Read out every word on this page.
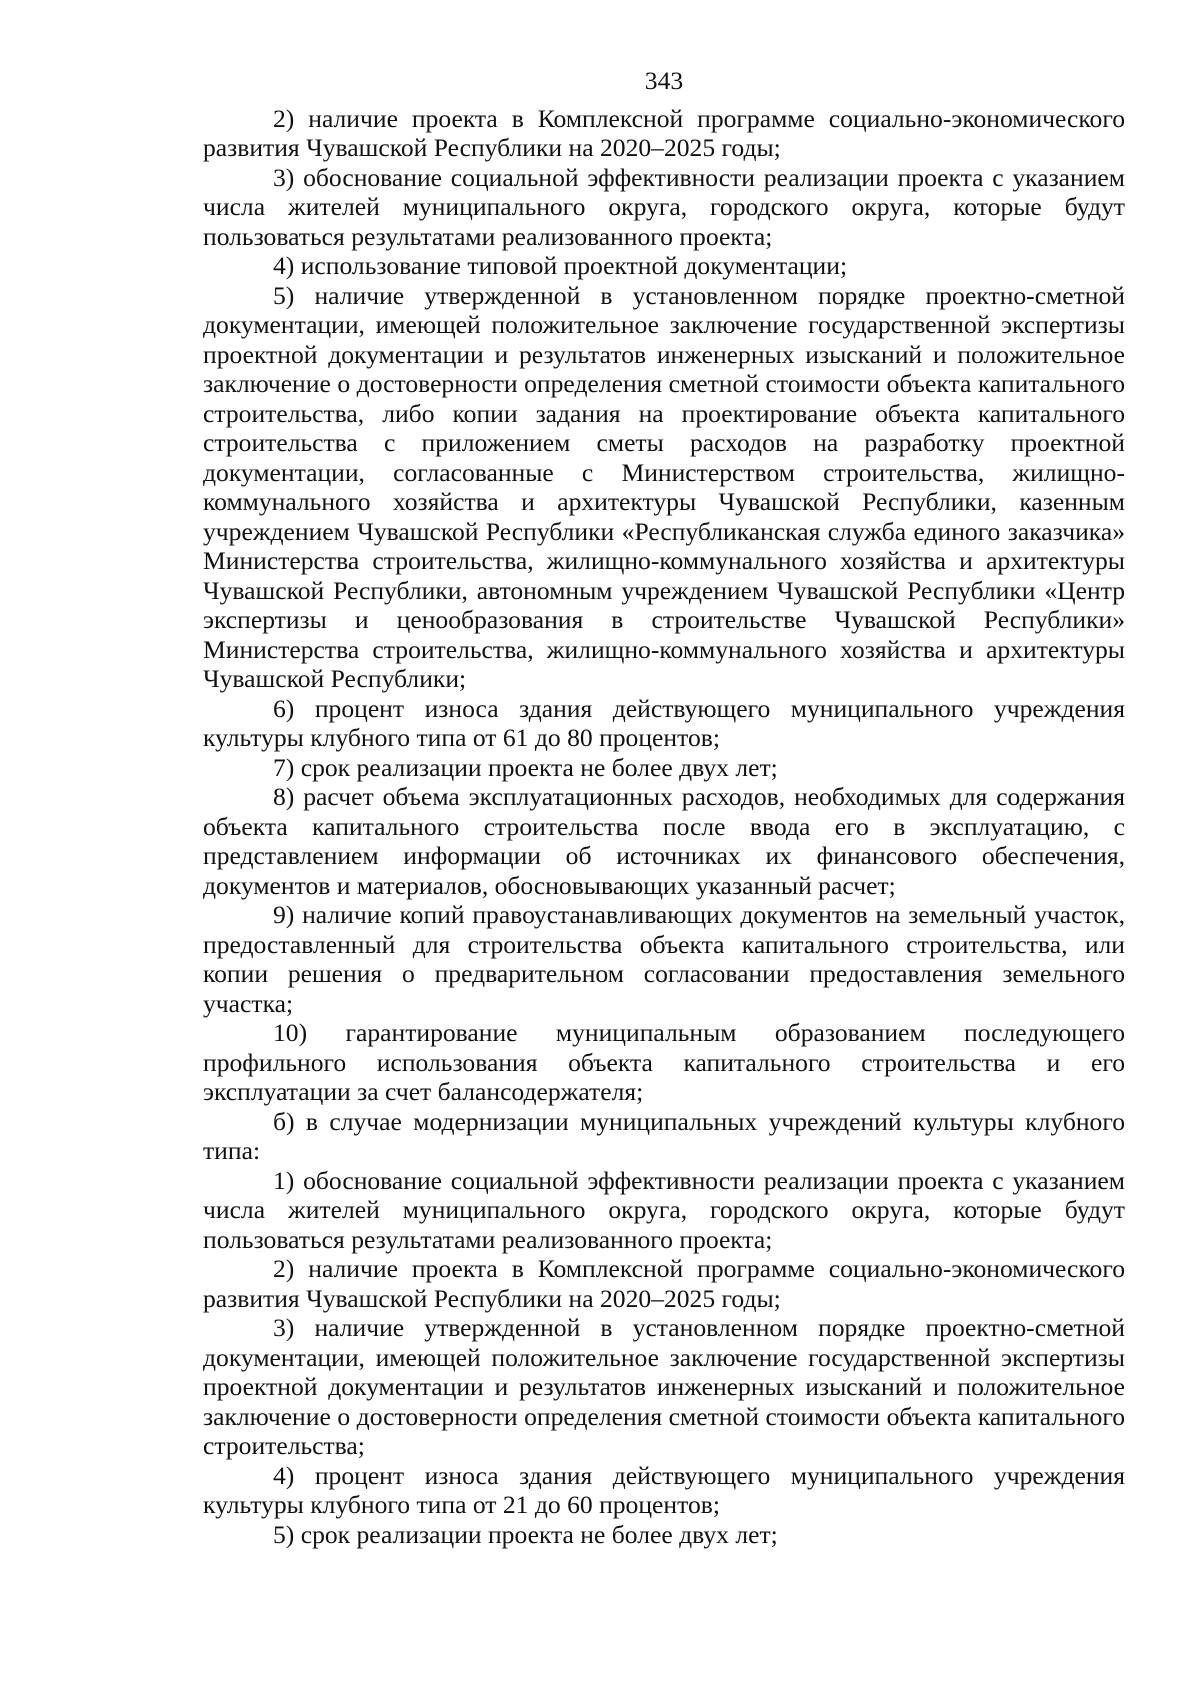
343

2) наличие проекта в Комплексной программе социально-экономического развития Чувашской Республики на 2020–2025 годы;

3) обоснование социальной эффективности реализации проекта с указанием числа жителей муниципального округа, городского округа, которые будут пользоваться результатами реализованного проекта;

4) использование типовой проектной документации;

5) наличие утвержденной в установленном порядке проектно-сметной документации, имеющей положительное заключение государственной экспертизы проектной документации и результатов инженерных изысканий и положительное заключение о достоверности определения сметной стоимости объекта капитального строительства, либо копии задания на проектирование объекта капитального строительства с приложением сметы расходов на разработку проектной документации, согласованные с Министерством строительства, жилищно-коммунального хозяйства и архитектуры Чувашской Республики, казенным учреждением Чувашской Республики «Республиканская служба единого заказчика» Министерства строительства, жилищно-коммунального хозяйства и архитектуры Чувашской Республики, автономным учреждением Чувашской Республики «Центр экспертизы и ценообразования в строительстве Чувашской Республики» Министерства строительства, жилищно-коммунального хозяйства и архитектуры Чувашской Республики;

6) процент износа здания действующего муниципального учреждения культуры клубного типа от 61 до 80 процентов;

7) срок реализации проекта не более двух лет;

8) расчет объема эксплуатационных расходов, необходимых для содержания объекта капитального строительства после ввода его в эксплуатацию, с представлением информации об источниках их финансового обеспечения, документов и материалов, обосновывающих указанный расчет;

9) наличие копий правоустанавливающих документов на земельный участок, предоставленный для строительства объекта капитального строительства, или копии решения о предварительном согласовании предоставления земельного участка;

10) гарантирование муниципальным образованием последующего профильного использования объекта капитального строительства и его эксплуатации за счет балансодержателя;

б) в случае модернизации муниципальных учреждений культуры клубного типа:

1) обоснование социальной эффективности реализации проекта с указанием числа жителей муниципального округа, городского округа, которые будут пользоваться результатами реализованного проекта;

2) наличие проекта в Комплексной программе социально-экономического развития Чувашской Республики на 2020–2025 годы;

3) наличие утвержденной в установленном порядке проектно-сметной документации, имеющей положительное заключение государственной экспертизы проектной документации и результатов инженерных изысканий и положительное заключение о достоверности определения сметной стоимости объекта капитального строительства;

4) процент износа здания действующего муниципального учреждения культуры клубного типа от 21 до 60 процентов;

5) срок реализации проекта не более двух лет;
